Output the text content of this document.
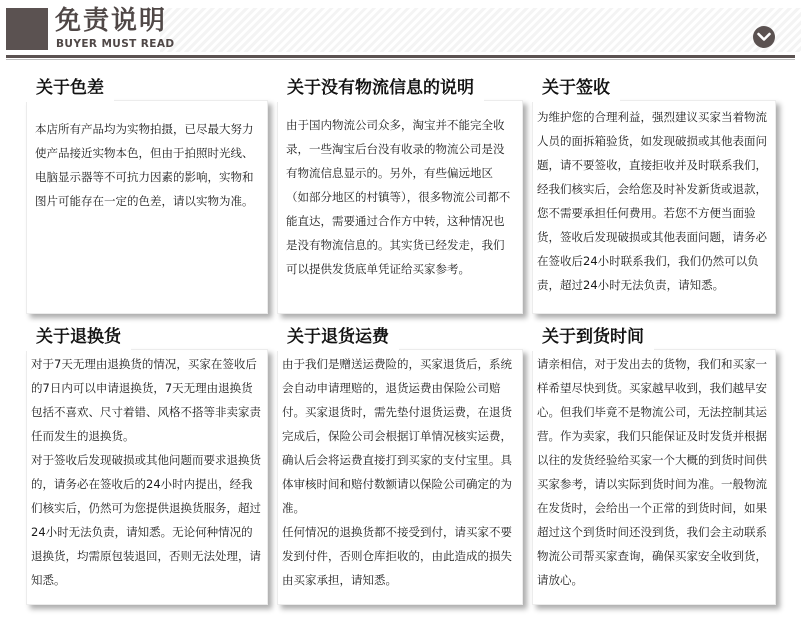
免责说明
BUYER MUST READ

本店所有产品均为实物拍摄，已尽最大努力使产品接近实物本色，但由于拍照时光线、电脑显示器等不可抗力因素的影响，实物和图片可能存在一定的色差，请以实物为准。

关于色差

由于国内物流公司众多，淘宝并不能完全收录，一些淘宝后台没有收录的物流公司是没有物流信息显示的。另外，有些偏远地区（如部分地区的村镇等），很多物流公司都不能直达，需要通过合作方中转，这种情况也是没有物流信息的。其实货已经发走，我们可以提供发货底单凭证给买家参考。

关于没有物流信息的说明

为维护您的合理利益，强烈建议买家当着物流人员的面拆箱验货，如发现破损或其他表面问题，请不要签收，直接拒收并及时联系我们，经我们核实后，会给您及时补发新货或退款，您不需要承担任何费用。若您不方便当面验货，签收后发现破损或其他表面问题，请务必在签收后24小时联系我们，我们仍然可以负责，超过24小时无法负责，请知悉。

关于签收

对于7天无理由退换货的情况，买家在签收后的7日内可以申请退换货，7天无理由退换货包括不喜欢、尺寸着错、风格不搭等非卖家责任而发生的退换货。

对于签收后发现破损或其他问题而要求退换货的，请务必在签收后的24小时内提出，经我们核实后，仍然可为您提供退换货服务，超过24小时无法负责，请知悉。无论何种情况的退换货，均需原包装退回，否则无法处理，请知悉。

关于退换货

由于我们是赠送运费险的，买家退货后，系统会自动申请理赔的，退货运费由保险公司赔付。买家退货时，需先垫付退货运费，在退货完成后，保险公司会根据订单情况核实运费，确认后会将运费直接打到买家的支付宝里。具体审核时间和赔付数额请以保险公司确定的为准。

任何情况的退换货都不接受到付，请买家不要发到付件，否则仓库拒收的，由此造成的损失由买家承担，请知悉。

关于退货运费

请亲相信，对于发出去的货物，我们和买家一样希望尽快到货。买家越早收到，我们越早安心。但我们毕竟不是物流公司，无法控制其运营。作为卖家，我们只能保证及时发货并根据以往的发货经验给买家一个大概的到货时间供买家参考，请以实际到货时间为准。一般物流在发货时，会给出一个正常的到货时间，如果超过这个到货时间还没到货，我们会主动联系物流公司帮买家查询，确保买家安全收到货，请放心。

关于到货时间
